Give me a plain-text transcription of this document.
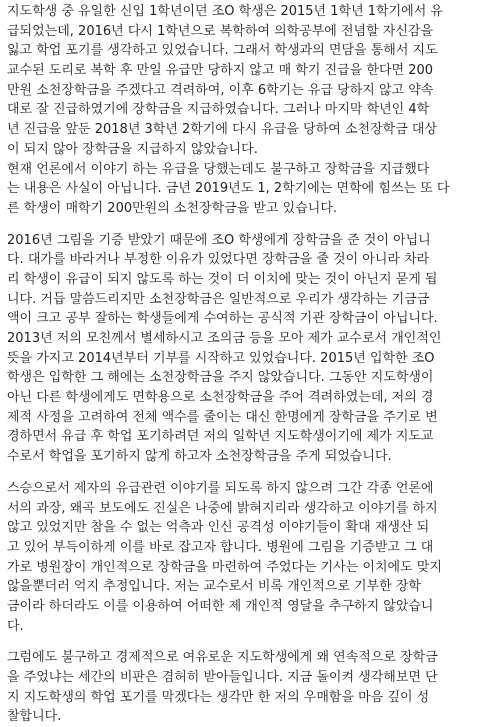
지도학생 중 유일한 신입 1학년이던 조O 학생은 2015년 1학년 1학기에서 유
급되었는데, 2016년 다시 1학년으로 복학하여 의학공부에 전념할 자신감을
잃고 학업 포기를 생각하고 있었습니다. 그래서 학생과의 면담을 통해서 지도
교수된 도리로 복학 후 만일 유급만 당하지 않고 매 학기 진급을 한다면 200
만원 소천장학금을 주겠다고 격려하여, 이후 6학기는 유급 당하지 않고 약속
대로 잘 진급하였기에 장학금을 지급하였습니다. 그러나 마지막 학년인 4학
년 진급을 앞둔 2018년 3학년 2학기에 다시 유급을 당하여 소천장학금 대상
이 되지 않아 장학금을 지급하지 않았습니다.
현재 언론에서 이야기 하는 유급을 당했는데도 불구하고 장학금을 지급했다
는 내용은 사실이 아닙니다. 금년 2019년도 1, 2학기에는 면학에 힘쓰는 또 다
른 학생이 매학기 200만원의 소천장학금을 받고 있습니다.
2016년 그림을 기증 받았기 때문에 조O 학생에게 장학금을 준 것이 아닙니
다. 대가를 바라거나 부정한 이유가 있었다면 장학금을 줄 것이 아니라 차라
리 학생이 유급이 되지 않도록 하는 것이 더 이치에 맞는 것이 아닌지 묻게 됩
니다. 거듭 말씀드리지만 소천장학금은 일반적으로 우리가 생각하는 기금금
액이 크고 공부 잘하는 학생들에게 수여하는 공식적 기관 장학금이 아닙니다.
2013년 저의 모친께서 별세하시고 조의금 등을 모아 제가 교수로서 개인적인
뜻을 가지고 2014년부터 기부를 시작하고 있었습니다. 2015년 입학한 조O
학생은 입학한 그 해에는 소천장학금을 주지 않았습니다. 그동안 지도학생이
아닌 다른 학생에게도 면학용으로 소천장학금을 주어 격려하였는데, 저의 경
제적 사정을 고려하여 전체 액수를 줄이는 대신 한명에게 장학금을 주기로 변
경하면서 유급 후 학업 포기하려던 저의 일학년 지도학생이기에 제가 지도교
수로서 학업을 포기하지 않게 하고자 소천장학금을 주게 되었습니다.
스승으로서 제자의 유급관련 이야기를 되도록 하지 않으려 그간 각종 언론에
서의 과장, 왜곡 보도에도 진실은 나중에 밝혀지리라 생각하고 이야기를 하지
않고 있었지만 참을 수 없는 억측과 인신 공격성 이야기들이 확대 재생산 되
고 있어 부득이하게 이를 바로 잡고자 합니다. 병원에 그림을 기증받고 그 대
가로 병원장이 개인적으로 장학금을 마련하여 주었다는 기사는 이치에도 맞지
않을뿐더러 억지 추정입니다. 저는 교수로서 비록 개인적으로 기부한 장학
금이라 하더라도 이를 이용하여 어떠한 제 개인적 영달을 추구하지 않았습니
다.
그럼에도 불구하고 경제적으로 여유로운 지도학생에게 왜 연속적으로 장학금
을 주었냐는 세간의 비판은 겸허히 받아들입니다. 지금 돌이켜 생각해보면 단
지 지도학생의 학업 포기를 막겠다는 생각만 한 저의 우매함을 마음 깊이 성
찰합니다.
